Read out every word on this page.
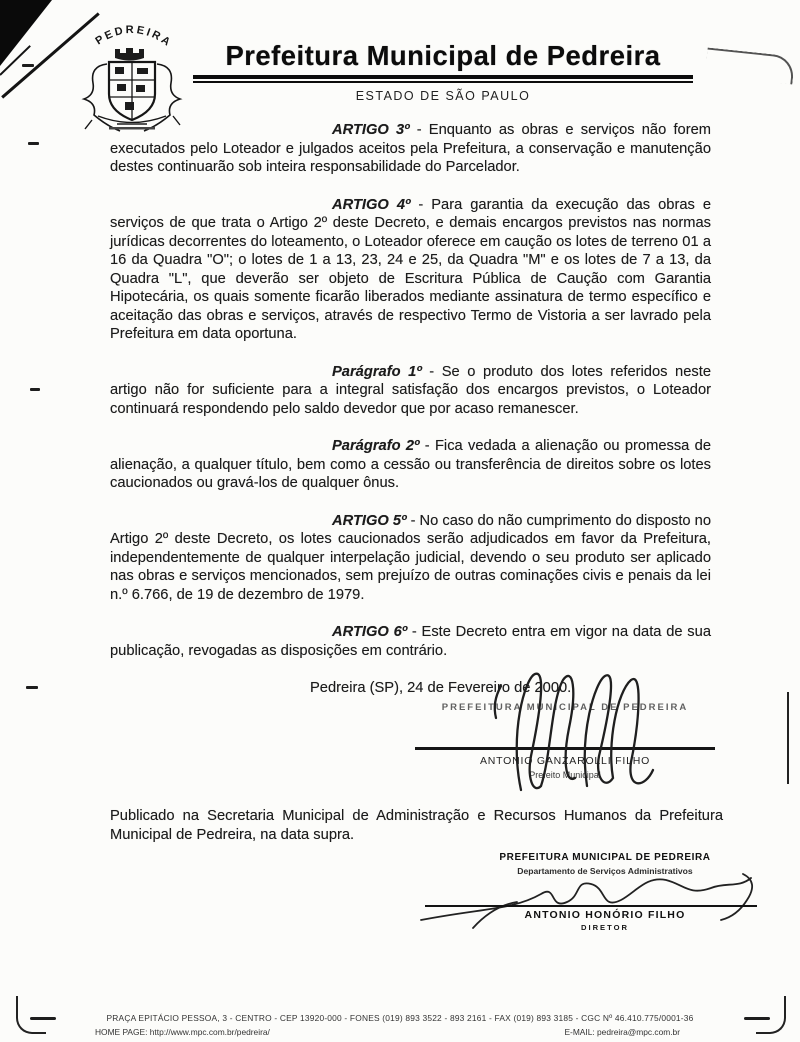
PEDREIRA	Prefeitura Municipal de Pedreira
ESTADO DE SÃO PAULO

ARTIGO 3º - Enquanto as obras e serviços não forem executados pelo Loteador e julgados aceitos pela Prefeitura, a conservação e manutenção destes continuarão sob inteira responsabilidade do Parcelador.

ARTIGO 4º - Para garantia da execução das obras e serviços de que trata o Artigo 2º deste Decreto, e demais encargos previstos nas normas jurídicas decorrentes do loteamento, o Loteador oferece em caução os lotes de terreno 01 a 16 da Quadra "O"; o lotes de 1 a 13, 23, 24 e 25, da Quadra "M" e os lotes de 7 a 13, da Quadra "L", que deverão ser objeto de Escritura Pública de Caução com Garantia Hipotecária, os quais somente ficarão liberados mediante assinatura de termo específico e aceitação das obras e serviços, através de respectivo Termo de Vistoria a ser lavrado pela Prefeitura em data oportuna.

Parágrafo 1º - Se o produto dos lotes referidos neste artigo não for suficiente para a integral satisfação dos encargos previstos, o Loteador continuará respondendo pelo saldo devedor que por acaso remanescer.

Parágrafo 2º - Fica vedada a alienação ou promessa de alienação, a qualquer título, bem como a cessão ou transferência de direitos sobre os lotes caucionados ou gravá-los de qualquer ônus.

ARTIGO 5º - No caso do não cumprimento do disposto no Artigo 2º deste Decreto, os lotes caucionados serão adjudicados em favor da Prefeitura, independentemente de qualquer interpelação judicial, devendo o seu produto ser aplicado nas obras e serviços mencionados, sem prejuízo de outras cominações civis e penais da lei n.º 6.766, de 19 de dezembro de 1979.

ARTIGO 6º - Este Decreto entra em vigor na data de sua publicação, revogadas as disposições em contrário.

Pedreira (SP), 24 de Fevereiro de 2000.

PREFEITURA MUNICIPAL DE PEDREIRA
ANTONIO GANZAROLLI FILHO
Prefeito Municipal

Publicado na Secretaria Municipal de Administração e Recursos Humanos da Prefeitura Municipal de Pedreira, na data supra.

PREFEITURA MUNICIPAL DE PEDREIRA
Departamento de Serviços Administrativos
ANTONIO HONÓRIO FILHO
DIRETOR
PRAÇA EPITÁCIO PESSOA, 3 - CENTRO - CEP 13920-000 - FONES (019) 893 3522 - 893 2161 - FAX (019) 893 3185 - CGC Nº 46.410.775/0001-36
HOME PAGE: http://www.mpc.com.br/pedreira/	E-MAIL: pedreira@mpc.com.br
